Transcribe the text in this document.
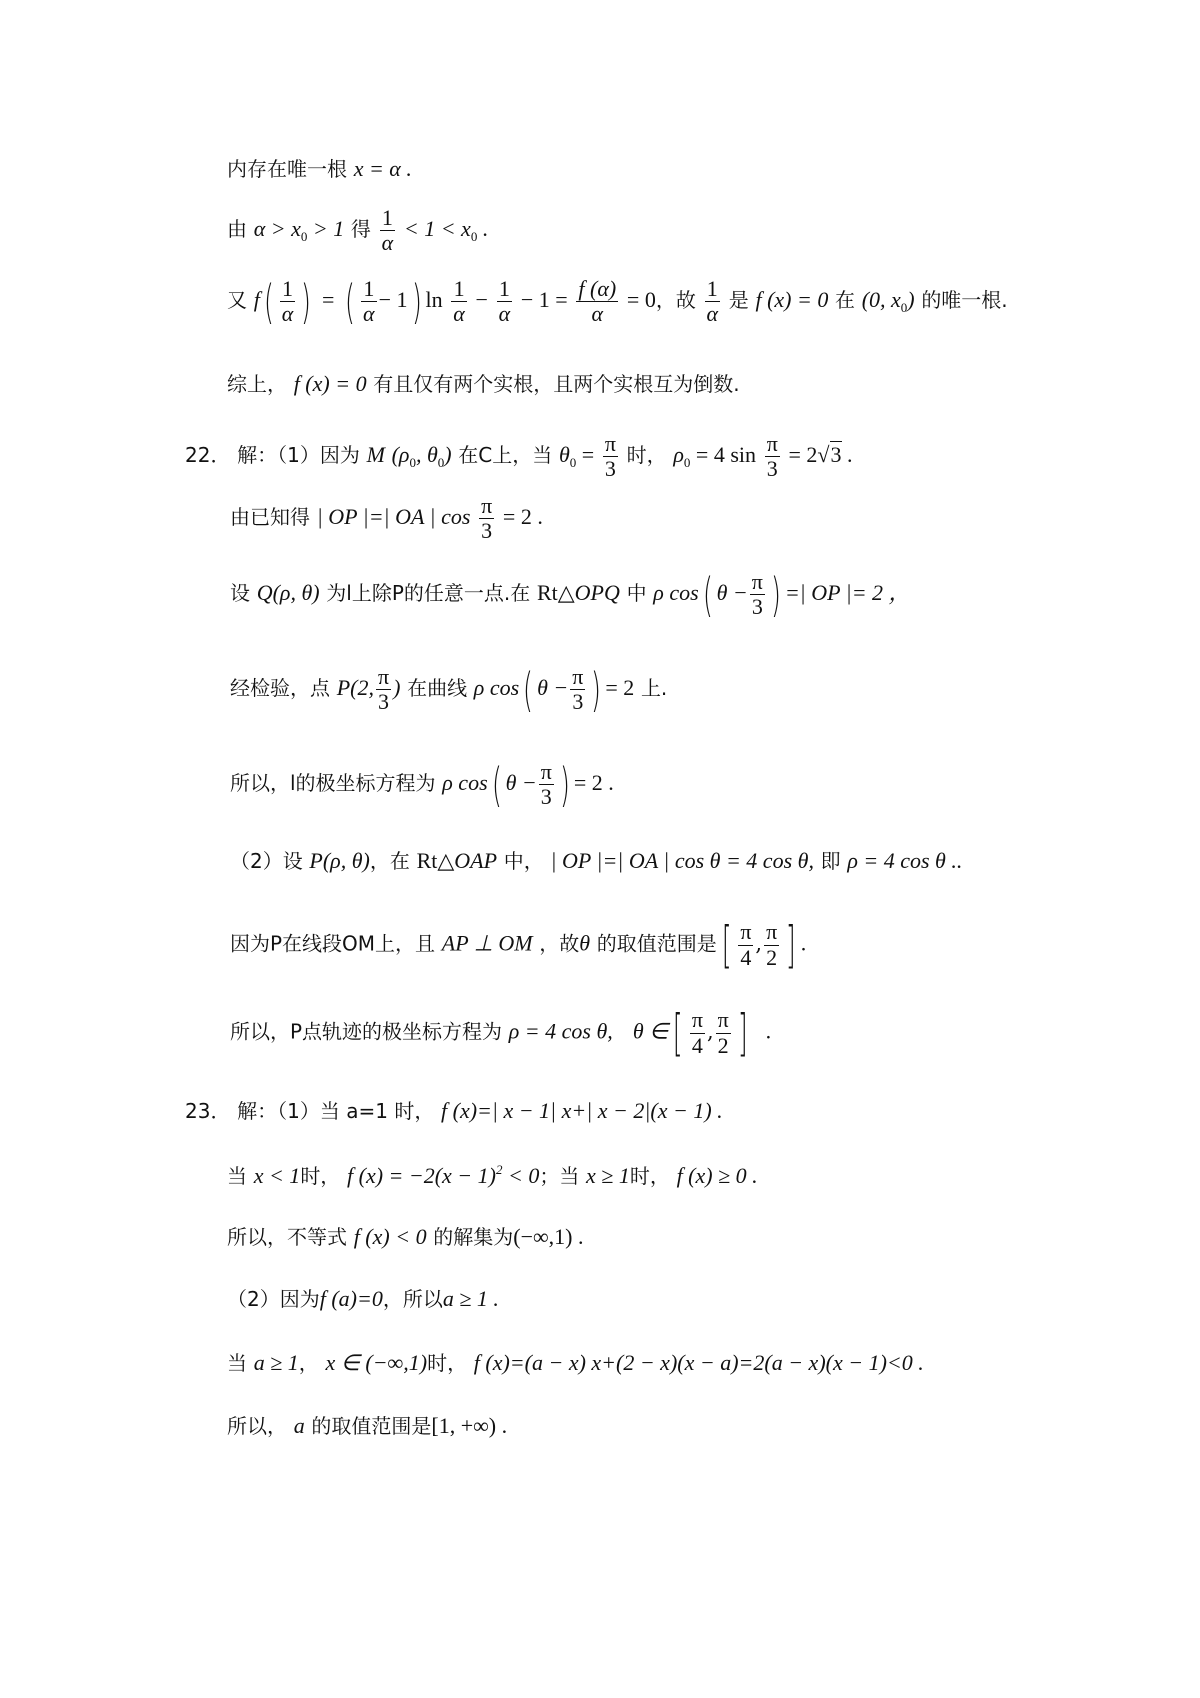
内存在唯一根 x = α .
由 $\alpha > x_0 > 1$ 得 $\frac{1}{\alpha} < 1 < x_0$ .
又 $f( \frac{1}{\alpha}$ ) = ( $\frac{1}{\alpha} - 1$) $\ln \frac{1}{\alpha} - \frac{1}{\alpha} - 1 = \frac{f (\alpha)}{\alpha} = 0$，故 $\frac{1}{\alpha}$ 是 f (x) = 0 在 (0, $x_0$) 的唯一根.
综上， f (x) = 0 有且仅有两个实根，且两个实根互为倒数.
22． 解：（1）因为 M ($\rho_0$, $\theta_0$) 在C上，当 $\theta_0 = \frac{\pi}{3}$ 时， $\rho_0 = 4$ $\sin \frac{\pi}{3} = 2√3$ .
由已知得 | OP |=| OA | $\cos \frac{\pi}{3} = 2$ .
设 Q(ρ, θ) 为l上除P的任意一点.在 Rt△OPQ 中 ρ cos( $\theta - \frac{\pi}{3}$ ) =| OP |= 2 ，
经检验，点 P(2, $\frac{\pi}{3}$ ) 在曲线 ρ cos( $\theta - \frac{\pi}{3}$ ) = 2 上.
所以，l的极坐标方程为 ρ cos( $\theta - \frac{\pi}{3}$ ) = 2 .
（2）设 P(ρ, θ)，在 Rt△OAP 中， | OP |=| OA | cos θ = 4 cos θ, 即 ρ = 4 cos θ ..
因为P在线段OM上，且 AP ⊥ OM ，故θ 的取值范围是[ $\frac{\pi}{4}$ , $\frac{\pi}{2}$ ] .
所以，P点轨迹的极坐标方程为 ρ = 4 cos θ, θ ∈[ $\frac{\pi}{4}$ , $\frac{\pi}{2}$ ] .
23． 解：（1）当 a=1 时， f (x)=| x − 1| x+| x − 2|(x − 1) .
当 x < 1时， f $(x) = -2(x - 1)^2 < 0$；当 x ≥ 1时， f (x) ≥ 0 .
所以，不等式 f (x) < 0 的解集为(−∞,1) .
（2）因为f (a)=0，所以a ≥ 1 .
当 a ≥ 1， x ∈ (−∞,1)时， f (x)=(a − x) x+(2 − x)(x − a)=2(a − x)(x − 1)<0 .
所以， a 的取值范围是[1, +∞) .
